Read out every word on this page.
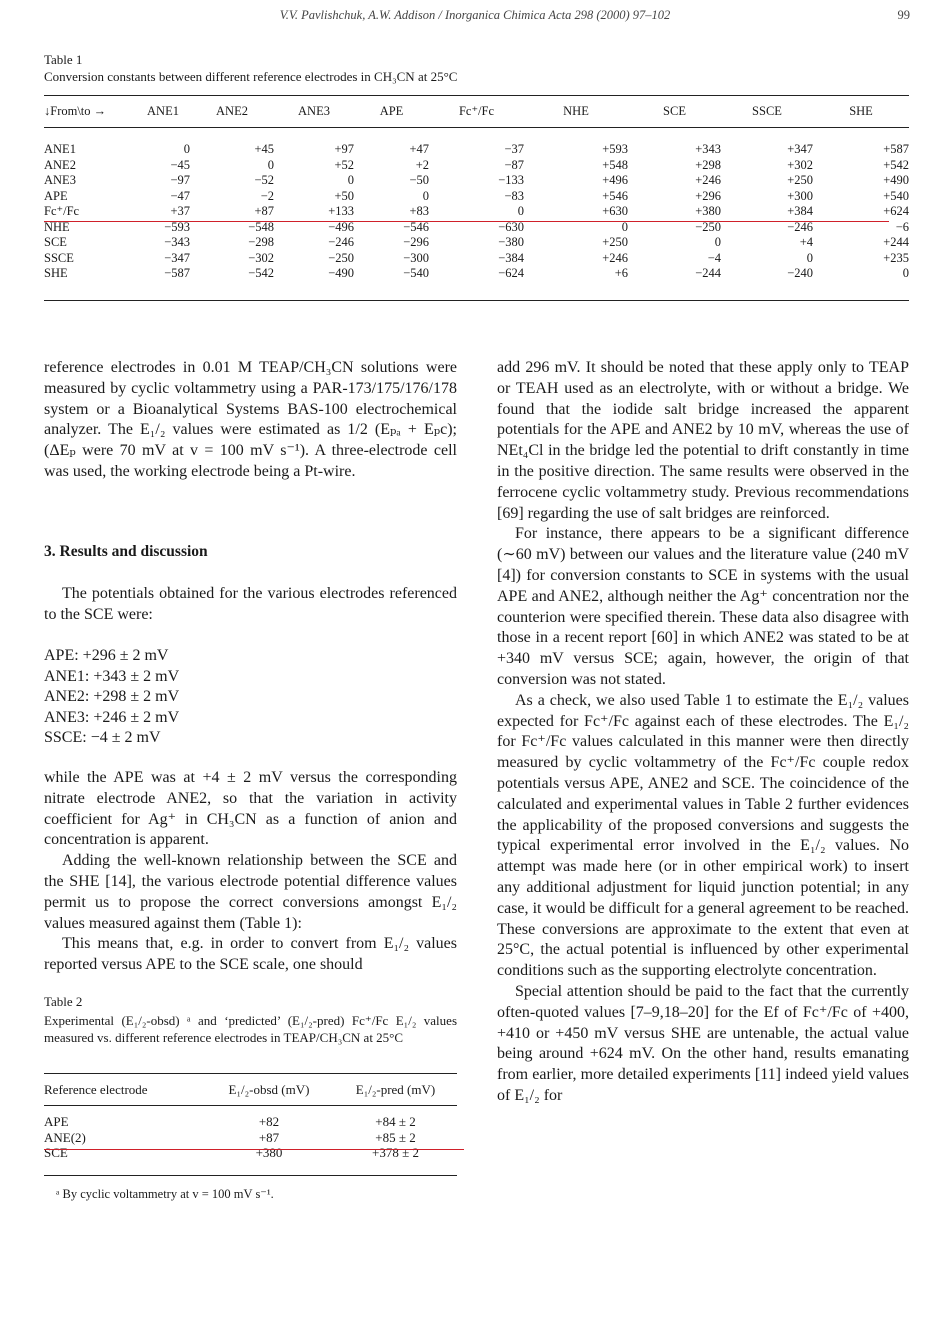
V.V. Pavlishchuk, A.W. Addison / Inorganica Chimica Acta 298 (2000) 97–102	99
Table 1
Conversion constants between different reference electrodes in CH₃CN at 25°C
↓From\to →	ANE1	ANE2	ANE3	APE	Fc⁺/Fc	NHE	SCE	SSCE	SHE

ANE1	0	+45	+97	+47	−37	+593	+343	+347	+587
ANE2	−45	0	+52	+2	−87	+548	+298	+302	+542
ANE3	−97	−52	0	−50	−133	+496	+246	+250	+490
APE	−47	−2	+50	0	−83	+546	+296	+300	+540
Fc⁺/Fc	+37	+87	+133	+83	0	+630	+380	+384	+624
NHE	−593	−548	−496	−546	−630	0	−250	−246	−6
SCE	−343	−298	−246	−296	−380	+250	0	+4	+244
SSCE	−347	−302	−250	−300	−384	+246	−4	0	+235
SHE	−587	−542	−490	−540	−624	+6	−244	−240	0

reference electrodes in 0.01 M TEAP/CH₃CN solutions were measured by cyclic voltammetry using a PAR-173/175/176/178 system or a Bioanalytical Systems BAS-100 electrochemical analyzer. The E₁/₂ values were estimated as 1/2 (Eₚₐ + Eₚc); (ΔEₚ were 70 mV at v = 100 mV s⁻¹). A three-electrode cell was used, the working electrode being a Pt-wire.

3. Results and discussion

The potentials obtained for the various electrodes referenced to the SCE were:

APE: +296 ± 2 mV
ANE1: +343 ± 2 mV
ANE2: +298 ± 2 mV
ANE3: +246 ± 2 mV
SSCE: −4 ± 2 mV

while the APE was at +4 ± 2 mV versus the corresponding nitrate electrode ANE2, so that the variation in activity coefficient for Ag⁺ in CH₃CN as a function of anion and concentration is apparent.

Adding the well-known relationship between the SCE and the SHE [14], the various electrode potential difference values permit us to propose the correct conversions amongst E₁/₂ values measured against them (Table 1):

This means that, e.g. in order to convert from E₁/₂ values reported versus APE to the SCE scale, one should

Table 2
Experimental (E₁/₂-obsd) ᵃ and ‘predicted’ (E₁/₂-pred) Fc⁺/Fc E₁/₂ values measured vs. different reference electrodes in TEAP/CH₃CN at 25°C
Reference electrode	E₁/₂-obsd (mV)	E₁/₂-pred (mV)

APE	+82	+84 ± 2
ANE(2)	+87	+85 ± 2
SCE	+380	+378 ± 2
ᵃ By cyclic voltammetry at v = 100 mV s⁻¹.

add 296 mV. It should be noted that these apply only to TEAP or TEAH used as an electrolyte, with or without a bridge. We found that the iodide salt bridge increased the apparent potentials for the APE and ANE2 by 10 mV, whereas the use of NEt₄Cl in the bridge led the potential to drift constantly in time in the positive direction. The same results were observed in the ferrocene cyclic voltammetry study. Previous recommendations [69] regarding the use of salt bridges are reinforced.

For instance, there appears to be a significant difference (∼60 mV) between our values and the literature value (240 mV [4]) for conversion constants to SCE in systems with the usual APE and ANE2, although neither the Ag⁺ concentration nor the counterion were specified therein. These data also disagree with those in a recent report [60] in which ANE2 was stated to be at +340 mV versus SCE; again, however, the origin of that conversion was not stated.

As a check, we also used Table 1 to estimate the E₁/₂ values expected for Fc⁺/Fc against each of these electrodes. The E₁/₂ for Fc⁺/Fc values calculated in this manner were then directly measured by cyclic voltammetry of the Fc⁺/Fc couple redox potentials versus APE, ANE2 and SCE. The coincidence of the calculated and experimental values in Table 2 further evidences the applicability of the proposed conversions and suggests the typical experimental error involved in the E₁/₂ values. No attempt was made here (or in other empirical work) to insert any additional adjustment for liquid junction potential; in any case, it would be difficult for a general agreement to be reached. These conversions are approximate to the extent that even at 25°C, the actual potential is influenced by other experimental conditions such as the supporting electrolyte concentration.

Special attention should be paid to the fact that the currently often-quoted values [7–9,18–20] for the Ef of Fc⁺/Fc of +400, +410 or +450 mV versus SHE are untenable, the actual value being around +624 mV. On the other hand, results emanating from earlier, more detailed experiments [11] indeed yield values of E₁/₂ for
